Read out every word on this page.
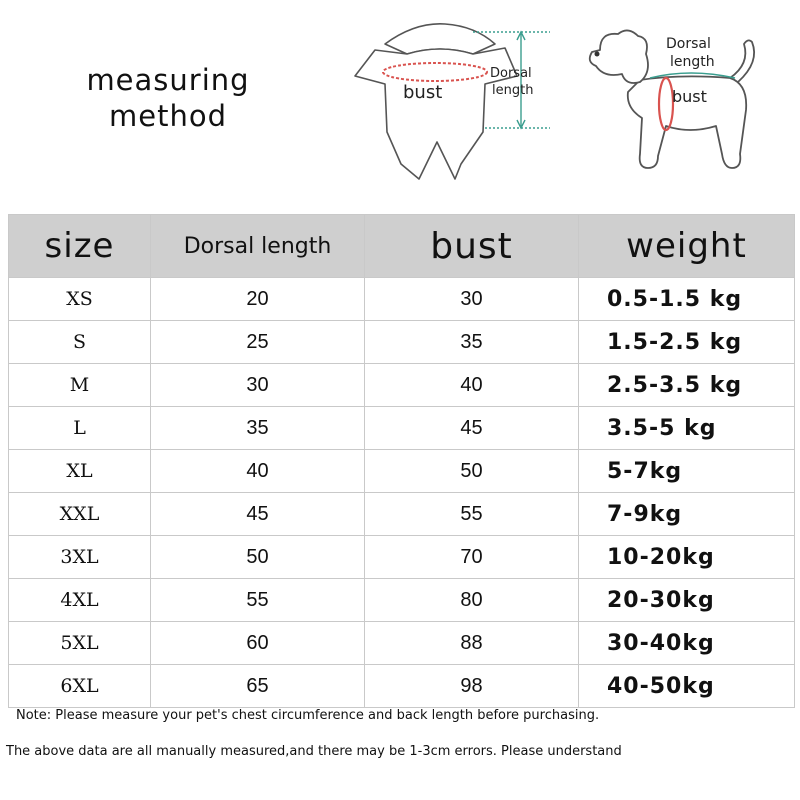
measuring
method
bust
Dorsal
length
Dorsal
length
bust
size	Dorsal length	bust	weight
XS	20	30	0.5-1.5 kg
S	25	35	1.5-2.5 kg
M	30	40	2.5-3.5 kg
L	35	45	3.5-5 kg
XL	40	50	5-7kg
XXL	45	55	7-9kg
3XL	50	70	10-20kg
4XL	55	80	20-30kg
5XL	60	88	30-40kg
6XL	65	98	40-50kg
Note: Please measure your pet's chest circumference and back length before purchasing.
The above data are all manually measured,and there may be 1-3cm errors. Please understand
